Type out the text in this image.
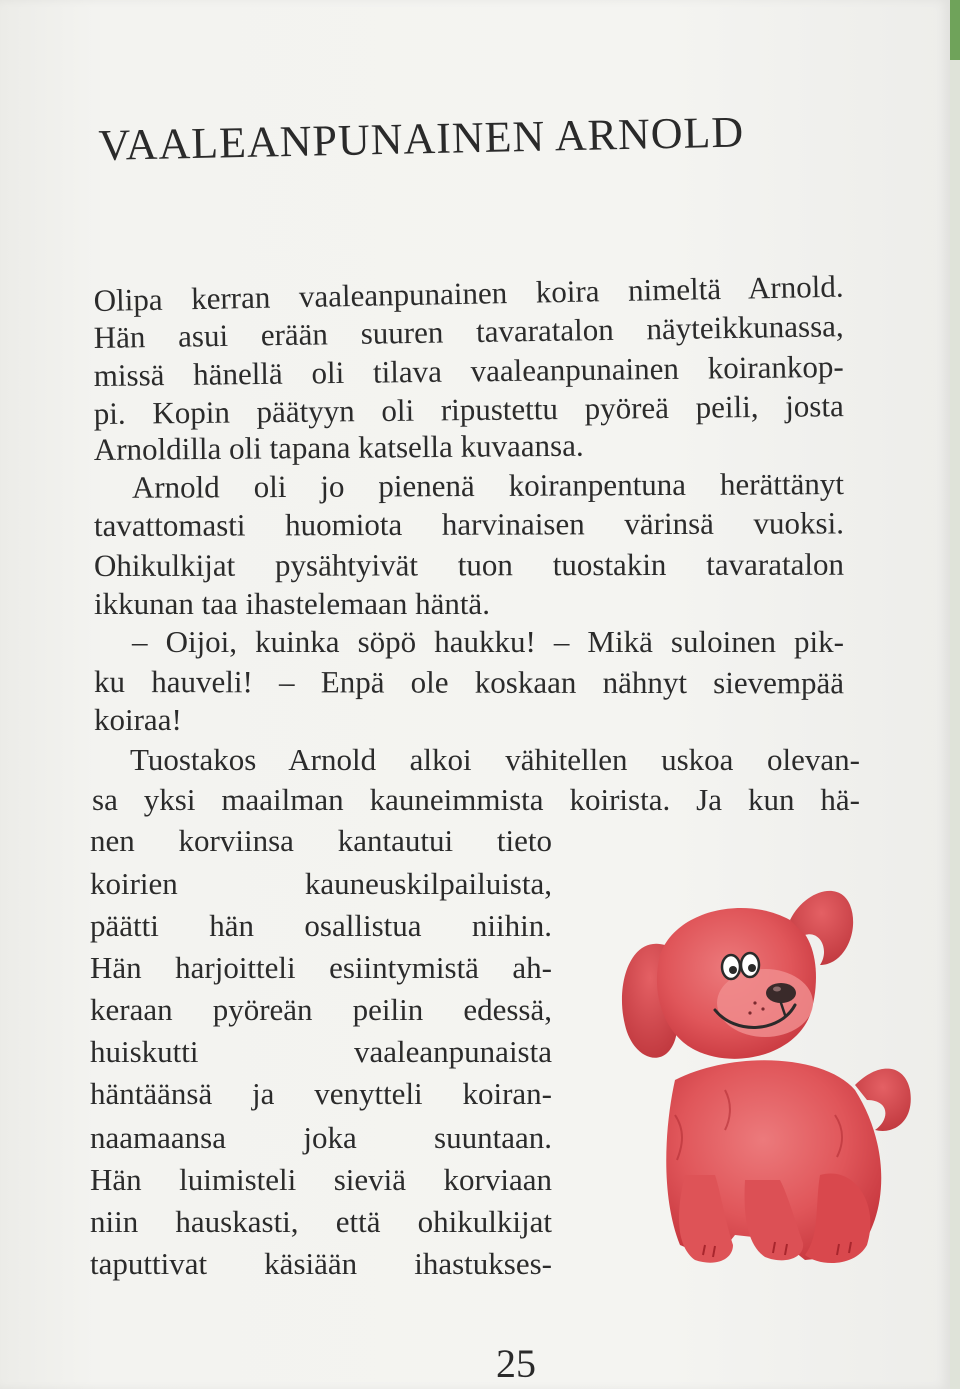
VAALEANPUNAINEN ARNOLD

Olipa kerran vaaleanpunainen koira nimeltä Arnold.

Hän asui erään suuren tavaratalon näyteikkunassa,

missä hänellä oli tilava vaaleanpunainen koirankop-

pi. Kopin päätyyn oli ripustettu pyöreä peili, josta

Arnoldilla oli tapana katsella kuvaansa.

Arnold oli jo pienenä koiranpentuna herättänyt

tavattomasti huomiota harvinaisen värinsä vuoksi.

Ohikulkijat pysähtyivät tuon tuostakin tavaratalon

ikkunan taa ihastelemaan häntä.

– Oijoi, kuinka söpö haukku! – Mikä suloinen pik-

ku hauveli! – Enpä ole koskaan nähnyt sievempää

koiraa!

Tuostakos Arnold alkoi vähitellen uskoa olevan-

sa yksi maailman kauneimmista koirista. Ja kun hä-

nen korviinsa kantautui tieto

koirien kauneuskilpailuista,

päätti hän osallistua niihin.

Hän harjoitteli esiintymistä ah-

keraan pyöreän peilin edessä,

huiskutti vaaleanpunaista

häntäänsä ja venytteli koiran-

naamaansa joka suuntaan.

Hän luimisteli sieviä korviaan

niin hauskasti, että ohikulkijat

taputtivat käsiään ihastukses-

25
